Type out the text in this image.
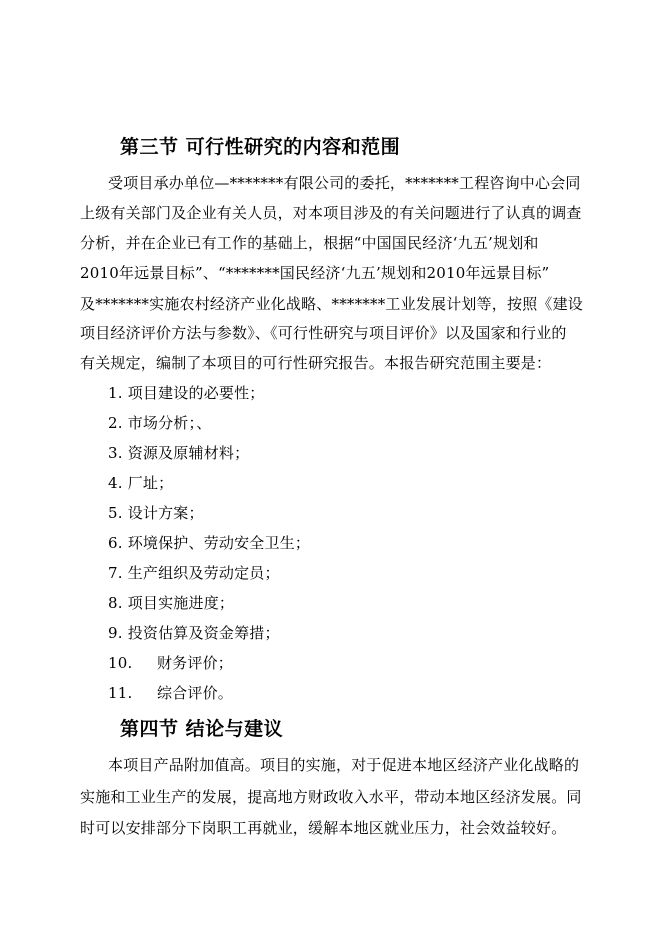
第三节 可行性研究的内容和范围
受项目承办单位—*******有限公司的委托，*******工程咨询中心会同
上级有关部门及企业有关人员，对本项目涉及的有关问题进行了认真的调查
分析，并在企业已有工作的基础上，根据“中国国民经济‘九五’规划和
2010年远景目标”、“*******国民经济‘九五’规划和2010年远景目标”
及*******实施农村经济产业化战略、*******工业发展计划等，按照《建设
项目经济评价方法与参数》、《可行性研究与项目评价》以及国家和行业的
有关规定，编制了本项目的可行性研究报告。本报告研究范围主要是：
1. 项目建设的必要性；
2. 市场分析；、
3. 资源及原辅材料；
4. 厂址；
5. 设计方案；
6. 环境保护、劳动安全卫生；
7. 生产组织及劳动定员；
8. 项目实施进度；
9. 投资估算及资金筹措；
10. 财务评价；
11. 综合评价。
第四节 结论与建议
本项目产品附加值高。项目的实施，对于促进本地区经济产业化战略的
实施和工业生产的发展，提高地方财政收入水平，带动本地区经济发展。同
时可以安排部分下岗职工再就业，缓解本地区就业压力，社会效益较好。
